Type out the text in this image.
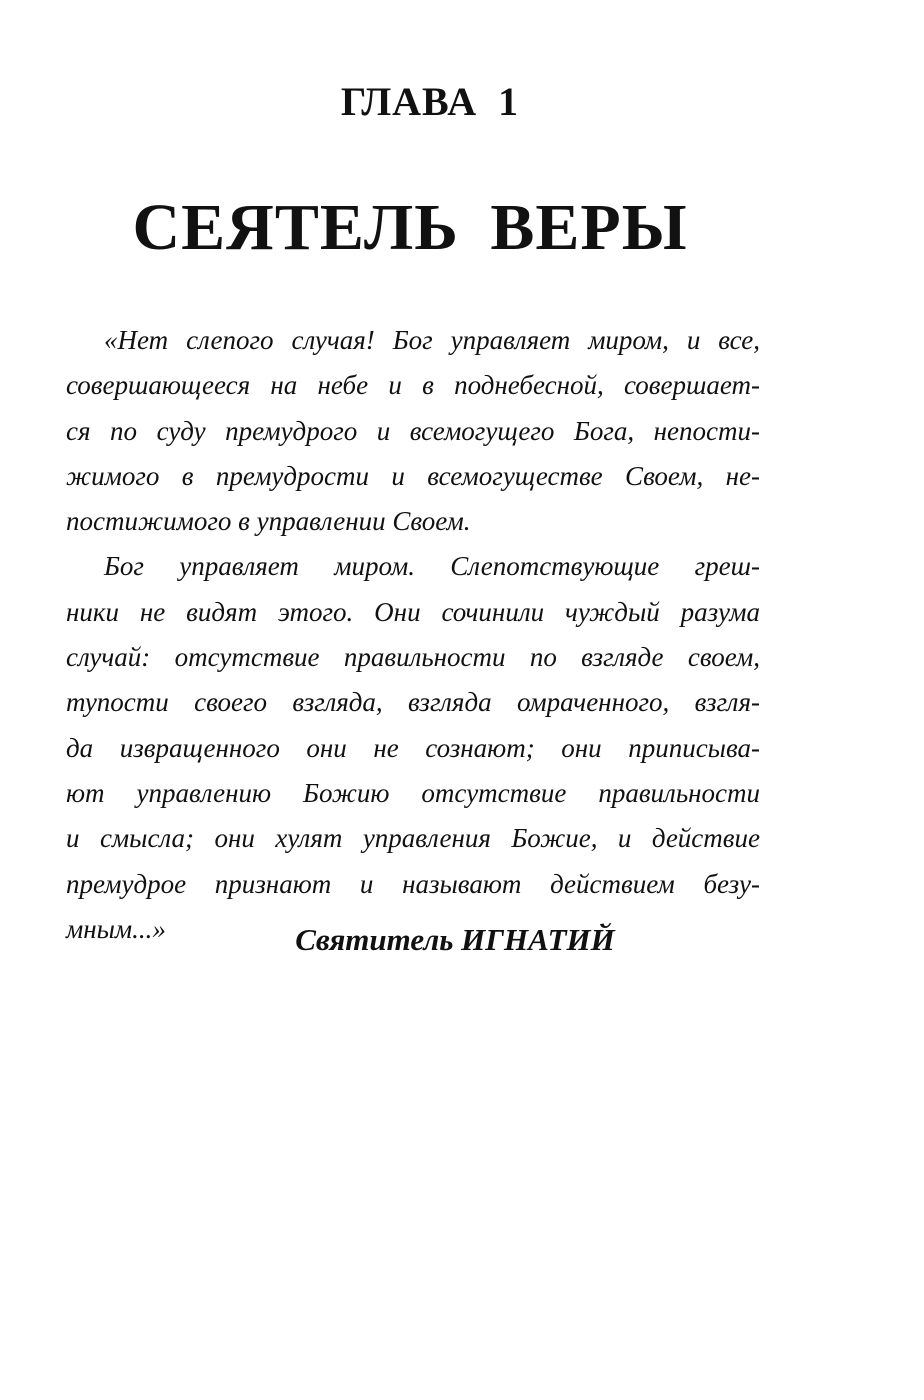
ГЛАВА 1
СЕЯТЕЛЬ ВЕРЫ
«Нет слепого случая! Бог управляет миром, и все,
совершающееся на небе и в поднебесной, совершает-
ся по суду премудрого и всемогущего Бога, непости-
жимого в премудрости и всемогуществе Своем, не-
постижимого в управлении Своем.
Бог управляет миром. Слепотствующие греш-
ники не видят этого. Они сочинили чуждый разума
случай: отсутствие правильности по взгляде своем,
тупости своего взгляда, взгляда омраченного, взгля-
да извращенного они не сознают; они приписыва-
ют управлению Божию отсутствие правильности
и смысла; они хулят управления Божие, и действие
премудрое признают и называют действием безу-
мным...»	Святитель ИГНАТИЙ
